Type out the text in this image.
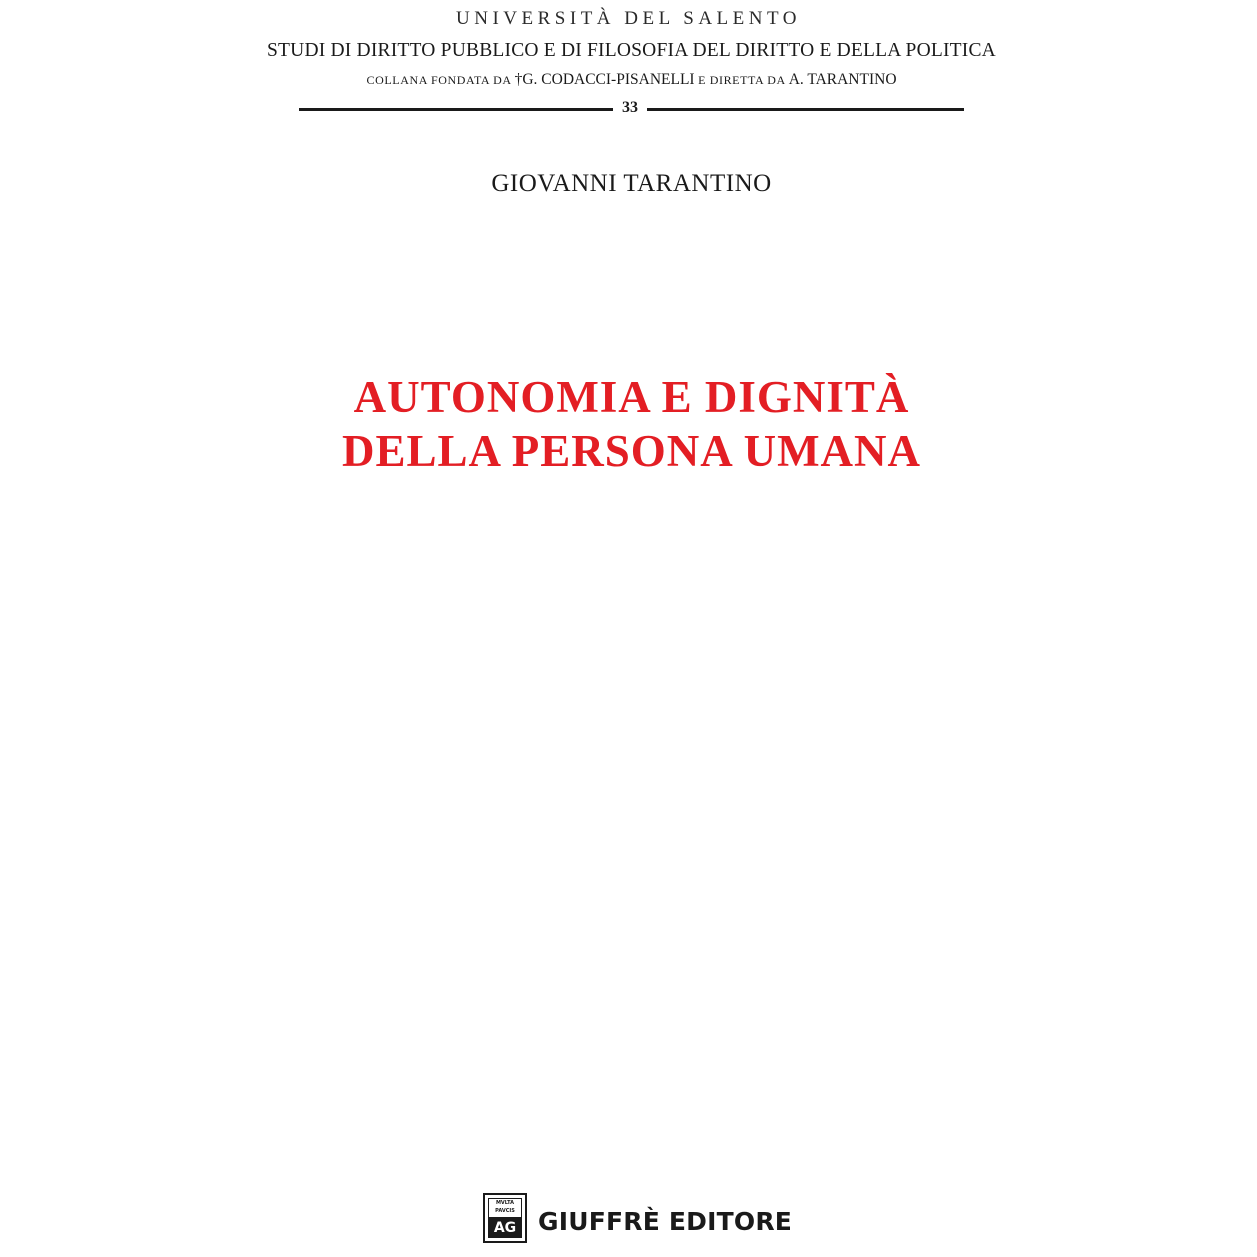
UNIVERSITÀ DEL SALENTO
STUDI DI DIRITTO PUBBLICO E DI FILOSOFIA DEL DIRITTO E DELLA POLITICA
COLLANA FONDATA DA †G. CODACCI-PISANELLI E DIRETTA DA A. TARANTINO
33
GIOVANNI TARANTINO
AUTONOMIA E DIGNITÀ
DELLA PERSONA UMANA
MVLTA PAVCIS
AG GIUFFRÈ EDITORE
